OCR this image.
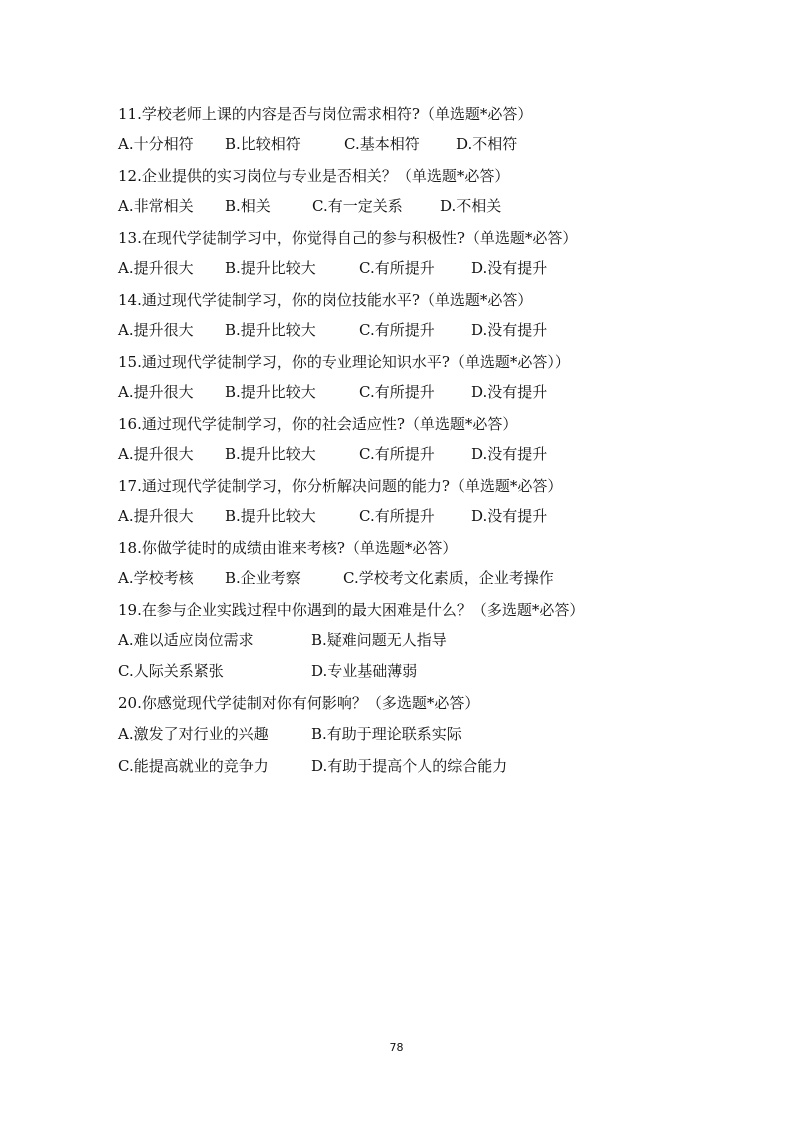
11.学校老师上课的内容是否与岗位需求相符?（单选题*必答）
A.十分相符 B.比较相符	C.基本相符 D.不相符
12.企业提供的实习岗位与专业是否相关？（单选题*必答）
A.非常相关 B.相关	C.有一定关系 D.不相关
13.在现代学徒制学习中，你觉得自己的参与积极性?（单选题*必答）
A.提升很大 B.提升比较大	C.有所提升 D.没有提升
14.通过现代学徒制学习，你的岗位技能水平?（单选题*必答）
A.提升很大 B.提升比较大	C.有所提升 D.没有提升
15.通过现代学徒制学习，你的专业理论知识水平?（单选题*必答））
A.提升很大 B.提升比较大	C.有所提升 D.没有提升
16.通过现代学徒制学习，你的社会适应性?（单选题*必答）
A.提升很大 B.提升比较大	C.有所提升 D.没有提升
17.通过现代学徒制学习，你分析解决问题的能力?（单选题*必答）
A.提升很大 B.提升比较大	C.有所提升 D.没有提升
18.你做学徒时的成绩由谁来考核?（单选题*必答）
A.学校考核 B.企业考察	C.学校考文化素质，企业考操作
19.在参与企业实践过程中你遇到的最大困难是什么？（多选题*必答）
A.难以适应岗位需求	B.疑难问题无人指导
C.人际关系紧张	D.专业基础薄弱
20.你感觉现代学徒制对你有何影响？（多选题*必答）
A.激发了对行业的兴趣	B.有助于理论联系实际
C.能提高就业的竞争力	D.有助于提高个人的综合能力
78
